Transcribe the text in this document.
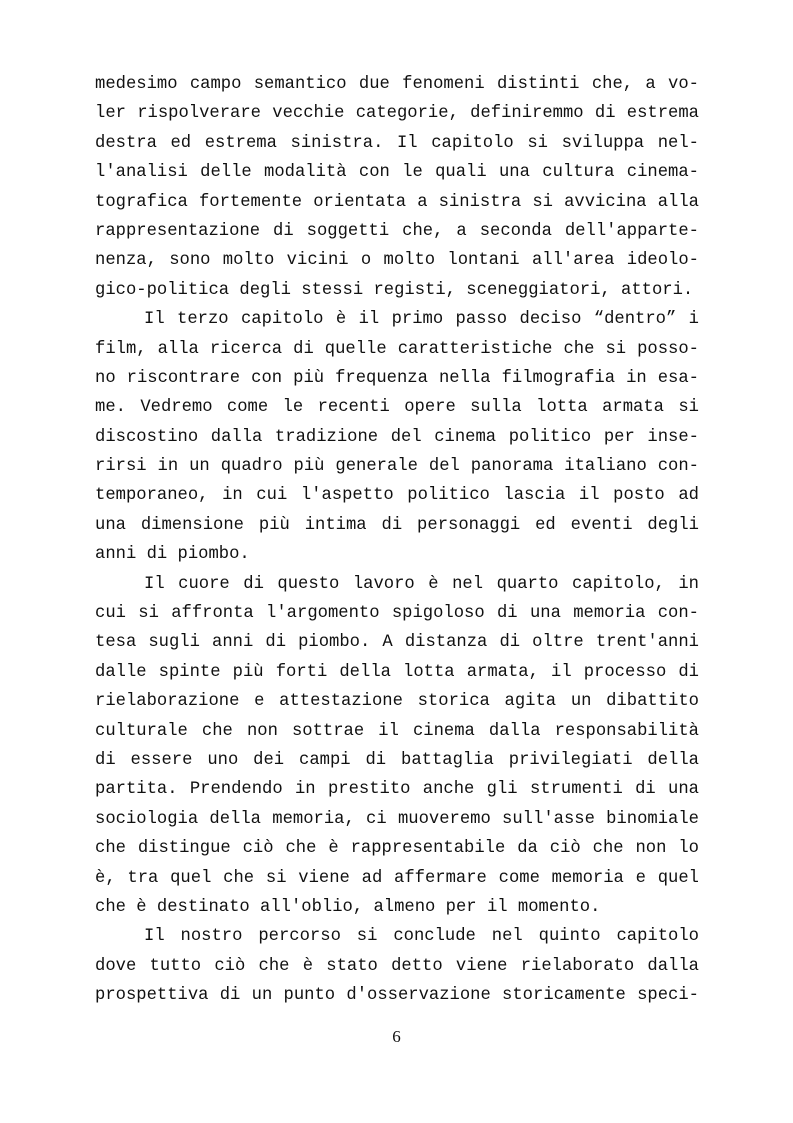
medesimo campo semantico due fenomeni distinti che, a vo-
ler rispolverare vecchie categorie, definiremmo di estrema
destra ed estrema sinistra. Il capitolo si sviluppa nel-
l'analisi delle modalità con le quali una cultura cinema-
tografica fortemente orientata a sinistra si avvicina alla
rappresentazione di soggetti che, a seconda dell'apparte-
nenza, sono molto vicini o molto lontani all'area ideolo-
gico-politica degli stessi registi, sceneggiatori, attori.
Il terzo capitolo è il primo passo deciso “dentro” i
film, alla ricerca di quelle caratteristiche che si posso-
no riscontrare con più frequenza nella filmografia in esa-
me. Vedremo come le recenti opere sulla lotta armata si
discostino dalla tradizione del cinema politico per inse-
rirsi in un quadro più generale del panorama italiano con-
temporaneo, in cui l'aspetto politico lascia il posto ad
una dimensione più intima di personaggi ed eventi degli
anni di piombo.
Il cuore di questo lavoro è nel quarto capitolo, in
cui si affronta l'argomento spigoloso di una memoria con-
tesa sugli anni di piombo. A distanza di oltre trent'anni
dalle spinte più forti della lotta armata, il processo di
rielaborazione e attestazione storica agita un dibattito
culturale che non sottrae il cinema dalla responsabilità
di essere uno dei campi di battaglia privilegiati della
partita. Prendendo in prestito anche gli strumenti di una
sociologia della memoria, ci muoveremo sull'asse binomiale
che distingue ciò che è rappresentabile da ciò che non lo
è, tra quel che si viene ad affermare come memoria e quel
che è destinato all'oblio, almeno per il momento.
Il nostro percorso si conclude nel quinto capitolo
dove tutto ciò che è stato detto viene rielaborato dalla
prospettiva di un punto d'osservazione storicamente speci-
6
